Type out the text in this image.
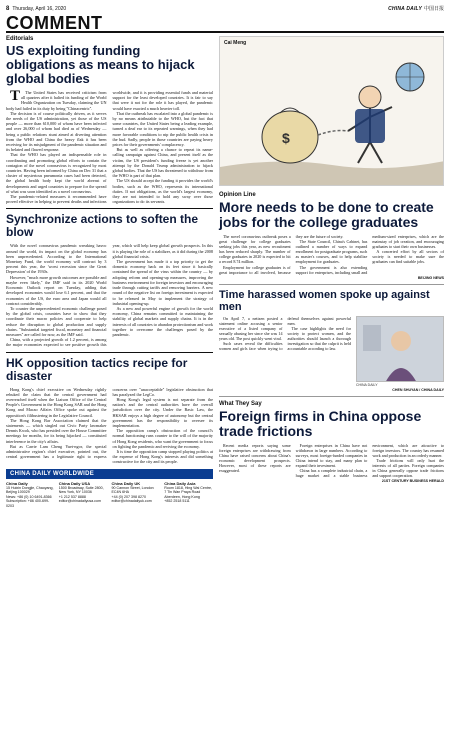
8 Thursday, April 16, 2020	CHINA DAILY 中国日报
COMMENT
Editorials
US exploiting funding obligations as means to hijack global bodies

T The United States has received criticism from all quarters after it halted its funding of the World Health Organization on Tuesday, claiming the UN body had failed in its duty by being "Chinacentric".

The decision is of course politically driven, as it serves the needs of the US administration, yet those of the US people — more than 610,000 of whom have been infected and over 26,000 of whom had died as of Wednesday — being a public relations stunt aimed at diverting attention from the WHO and China the heavy flak it has been receiving for its misjudgment of the pandemic situation and its belated and flawed response.

That the WHO has played an indispensable role in coordinating and promoting global efforts to contain the contagion of the novel coronavirus is recognized by most countries. Having been informed by China on Dec 31 that a cluster of mysterious pneumonia cases had been detected, the global health body kept the world abreast of developments and urged countries to prepare for the spread of what was soon identified as a novel coronavirus.

The pandemic-related measures it recommended have proved effective in helping to prevent deaths and infections worldwide, and it is providing essential funds and material support for the least developed countries. It is fair to say that were it not for the role it has played, the pandemic would have exacted a much heavier toll.

That the outbreak has escalated into a global pandemic is by no means attributable to the WHO, but the fact that some countries, the United States being a leading example, turned a deaf ear to its repeated warnings, when they had more favorable conditions to nip the public health crisis in the bud. Sadly, people in those countries are paying heavy prices for their governments' complacency.

But as well as offering a chance to repeat its name-calling campaign against China, and present itself as the victim, the US president's funding freeze is yet another attempt by the Donald Trump administration to hijack global bodies. That the US has threatened to withdraw from the WHO is part of that plan.

The US should accept the funding it provides the world's bodies, such as the WHO, represents its international duties. If not obligations, as the world's largest economy, they are not intended to hold any sway over those organizations to do its servants.

Synchronize actions to soften the blow

With the novel coronavirus pandemic wreaking havoc around the world, its impact on the global economy has been unprecedented. According to the International Monetary Fund, the world economy will contract by 3 percent this year, the 'worst recession since the Great Depression' of the 1930s.

However, "much more growth outcomes are possible and maybe even likely," the IMF said in its 2020 World Economic Outlook report on Tuesday, adding that developed economies would lose 6.1 percent, and that the economies of the US, the euro area and Japan would all contract considerably.

To counter the unprecedented economic challenge posed by the global crisis, countries have to show that they coordinate their macro policies and cooperate to help reduce the disruption to global production and supply chains. "Substantial targeted fiscal, monetary and financial measures" are called for now, as the IMF said.

China, with a projected growth of 1.2 percent, is among the major economies expected to see positive growth this year, which will help keep global growth prospects. In this it is playing the role of a stabilizer, as it did during the 2008 global financial crisis.

The government has made it a top priority to get the domestic economy back on its feet since it basically contained the spread of the virus within the country — by adopting reform and opening-up measures, improving the business environment for foreign investors and encouraging trade through cutting tariffs and removing barriers. A new round of the negative list on foreign investment is expected to be released in May to implement the strategy of industrial opening-up.

As a new and powerful engine of growth for the world economy, China remains committed to maintaining the stability of global markets and supply chains. It is in the interests of all countries to abandon protectionism and work together to overcome the challenges posed by the pandemic.

HK opposition tactics recipe for disaster

Hong Kong's chief executive on Wednesday rightly rebuked the claim that the central government had overreached itself when the Liaison Office of the Central People's Government in the Hong Kong SAR and the Hong Kong and Macao Affairs Office spoke out against the opposition's filibustering in the Legislative Council.

The Hong Kong Bar Association claimed that the statements — which singled out Civic Party lawmaker Dennis Kwok, who has presided over the House Committee meetings for months, for its being hijacked — constituted interference in the city's affairs.

But as Carrie Lam Cheng Yuet-ngor, the special administrative region's chief executive, pointed out, the central government has a legitimate right to express concerns over "unacceptable" legislative obstruction that has paralyzed the LegCo.

Hong Kong's legal system is not separate from the nation's and the central authorities have the overall jurisdiction over the city. Under the Basic Law, the HKSAR enjoys a high degree of autonomy but the central government has the responsibility to oversee its implementation.

The opposition camp's obstruction of the council's normal functioning runs counter to the will of the majority of Hong Kong residents, who want the government to focus on fighting the pandemic and reviving the economy.

It is time the opposition camp stopped playing politics at the expense of Hong Kong's interests and did something constructive for the city and its people.

CHINA DAILY WORLDWIDE
China Daily
15 Huixin Dongjie, Chaoyang, Beijing 100029
News: +86 (0) 10 6491-8366
Subscription: +86 400-699-0203
China Daily USA
1500 Broadway, Suite 2800, New York, NY 10036
+1 212 537 8888
editor@chinadailyusa.com
China Daily UK
90 Cannon Street, London EC4N 6HA
+44 (0) 207 398 8270
editor@chinadailyuk.com
China Daily Asia
Room 1818, Hing Wai Centre, 7 Tin Wan Praya Road
Aberdeen, Hong Kong
+852 2518 5111
Cai Meng
$
Opinion Line
More needs to be done to create jobs for the college graduates

The novel coronavirus outbreak poses a great challenge for college graduates seeking jobs this year, as new recruitment has been reduced sharply. The number of college graduates in 2020 is expected to hit a record 8.74 million.

Employment for college graduates is of great importance to all involved, because they are the future of society.

The State Council, China's Cabinet, has outlined a number of ways to expand enrollment for postgraduate programs, such as master's courses, and to help stabilize employment for graduates.

The government is also extending support for enterprises, including small and medium-sized enterprises, which are the mainstay of job creation, and encouraging graduates to start their own businesses.

A concerted effort by all sectors of society is needed to make sure the graduates can find suitable jobs.

BEIJING NEWS
Time harassed women spoke up against men

On April 7, a netizen posted a statement online accusing a senior executive of a listed company of sexually abusing her since she was 14 years old. The post quickly went viral.

Such cases reveal the difficulties women and girls face when trying to defend themselves against powerful men.

The case highlights the need for society to protect women, and the authorities should launch a thorough investigation so that the culprit is held accountable according to law.

CHINA DAILY
CHEN SHUYAN / CHINA DAILY
What They Say
Foreign firms in China oppose trade frictions

Recent media reports saying some foreign enterprises are withdrawing from China have raised concerns about China's economic development prospects. However, most of these reports are exaggerated.

Foreign enterprises in China have not withdrawn in large numbers. According to surveys, most foreign-funded companies in China intend to stay, and many plan to expand their investment.

China has a complete industrial chain, a huge market and a stable business environment, which are attractive to foreign investors. The country has resumed work and production in an orderly manner.

Trade frictions will only hurt the interests of all parties. Foreign companies in China generally oppose trade frictions and support cooperation.

21ST CENTURY BUSINESS HERALD
